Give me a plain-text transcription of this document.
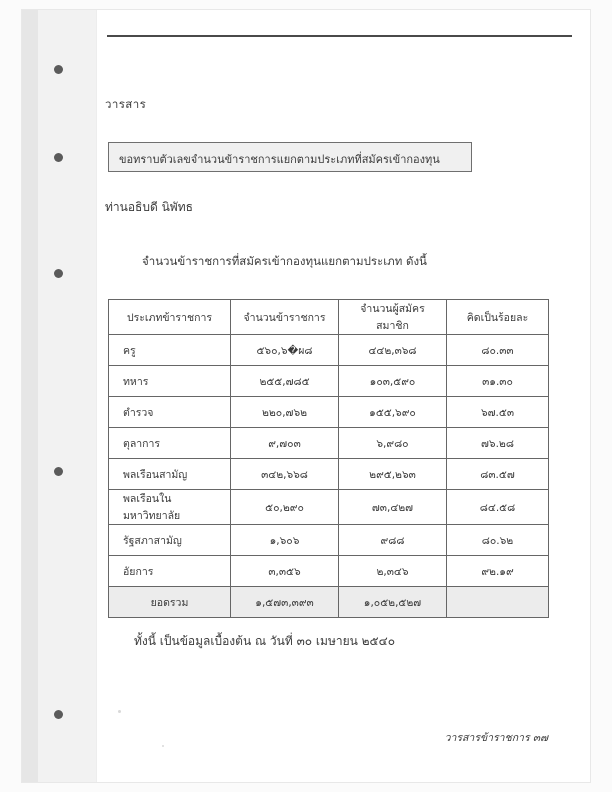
วารสาร
ขอทราบตัวเลขจำนวนข้าราชการแยกตามประเภทที่สมัครเข้ากองทุน
ท่านอธิบดี นิพัทธ
จำนวนข้าราชการที่สมัครเข้ากองทุนแยกตามประเภท ดังนี้
ประเภทข้าราชการ	จำนวนข้าราชการ	จำนวนผู้สมัครสมาชิก	คิดเป็นร้อยละ
ครู	๕๖๐,๖�ผ๘	๔๔๒,๓๖๘	๘๐.๓๓
ทหาร	๒๕๕,๗๘๕	๑๐๓,๕๙๐	๓๑.๓๐
ตำรวจ	๒๒๐,๗๖๒	๑๕๕,๖๙๐	๖๗.๕๓
ตุลาการ	๙,๗๐๓	๖,๙๘๐	๗๖.๒๘
พลเรือนสามัญ	๓๔๒,๖๖๘	๒๙๕,๒๖๓	๘๓.๕๗
พลเรือนในมหาวิทยาลัย	๕๐,๒๙๐	๗๓,๔๒๗	๘๔.๕๘
รัฐสภาสามัญ	๑,๖๐๖	๙๘๘	๘๐.๖๒
อัยการ	๓,๓๕๖	๒,๓๔๖	๙๒.๑๙
ยอดรวม	๑,๕๗๓,๓๙๓	๑,๐๕๒,๕๒๗	
ทั้งนี้ เป็นข้อมูลเบื้องต้น ณ วันที่ ๓๐ เมษายน ๒๕๔๐
วารสารข้าราชการ ๓๗
